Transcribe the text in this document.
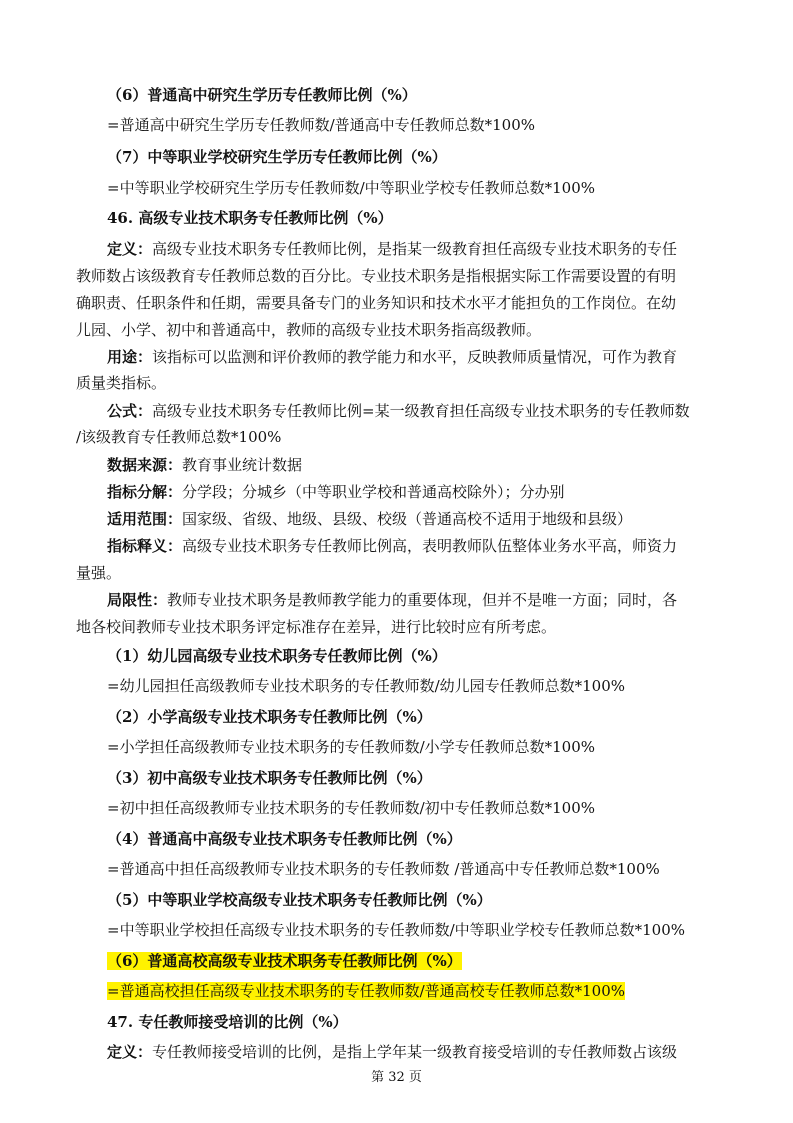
（6）普通高中研究生学历专任教师比例（%）
=普通高中研究生学历专任教师数/普通高中专任教师总数*100%
（7）中等职业学校研究生学历专任教师比例（%）
=中等职业学校研究生学历专任教师数/中等职业学校专任教师总数*100%
46. 高级专业技术职务专任教师比例（%）
定义：高级专业技术职务专任教师比例，是指某一级教育担任高级专业技术职务的专任
教师数占该级教育专任教师总数的百分比。专业技术职务是指根据实际工作需要设置的有明
确职责、任职条件和任期，需要具备专门的业务知识和技术水平才能担负的工作岗位。在幼
儿园、小学、初中和普通高中，教师的高级专业技术职务指高级教师。
用途：该指标可以监测和评价教师的教学能力和水平，反映教师质量情况，可作为教育
质量类指标。
公式：高级专业技术职务专任教师比例=某一级教育担任高级专业技术职务的专任教师数
/该级教育专任教师总数*100%
数据来源：教育事业统计数据
指标分解：分学段；分城乡（中等职业学校和普通高校除外）；分办别
适用范围：国家级、省级、地级、县级、校级（普通高校不适用于地级和县级）
指标释义：高级专业技术职务专任教师比例高，表明教师队伍整体业务水平高，师资力
量强。
局限性：教师专业技术职务是教师教学能力的重要体现，但并不是唯一方面；同时，各
地各校间教师专业技术职务评定标准存在差异，进行比较时应有所考虑。
（1）幼儿园高级专业技术职务专任教师比例（%）
=幼儿园担任高级教师专业技术职务的专任教师数/幼儿园专任教师总数*100%
（2）小学高级专业技术职务专任教师比例（%）
=小学担任高级教师专业技术职务的专任教师数/小学专任教师总数*100%
（3）初中高级专业技术职务专任教师比例（%）
=初中担任高级教师专业技术职务的专任教师数/初中专任教师总数*100%
（4）普通高中高级专业技术职务专任教师比例（%）
=普通高中担任高级教师专业技术职务的专任教师数 /普通高中专任教师总数*100%
（5）中等职业学校高级专业技术职务专任教师比例（%）
=中等职业学校担任高级专业技术职务的专任教师数/中等职业学校专任教师总数*100%
（6）普通高校高级专业技术职务专任教师比例（%）
=普通高校担任高级专业技术职务的专任教师数/普通高校专任教师总数*100%
47. 专任教师接受培训的比例（%）
定义：专任教师接受培训的比例，是指上学年某一级教育接受培训的专任教师数占该级
第 32 页
